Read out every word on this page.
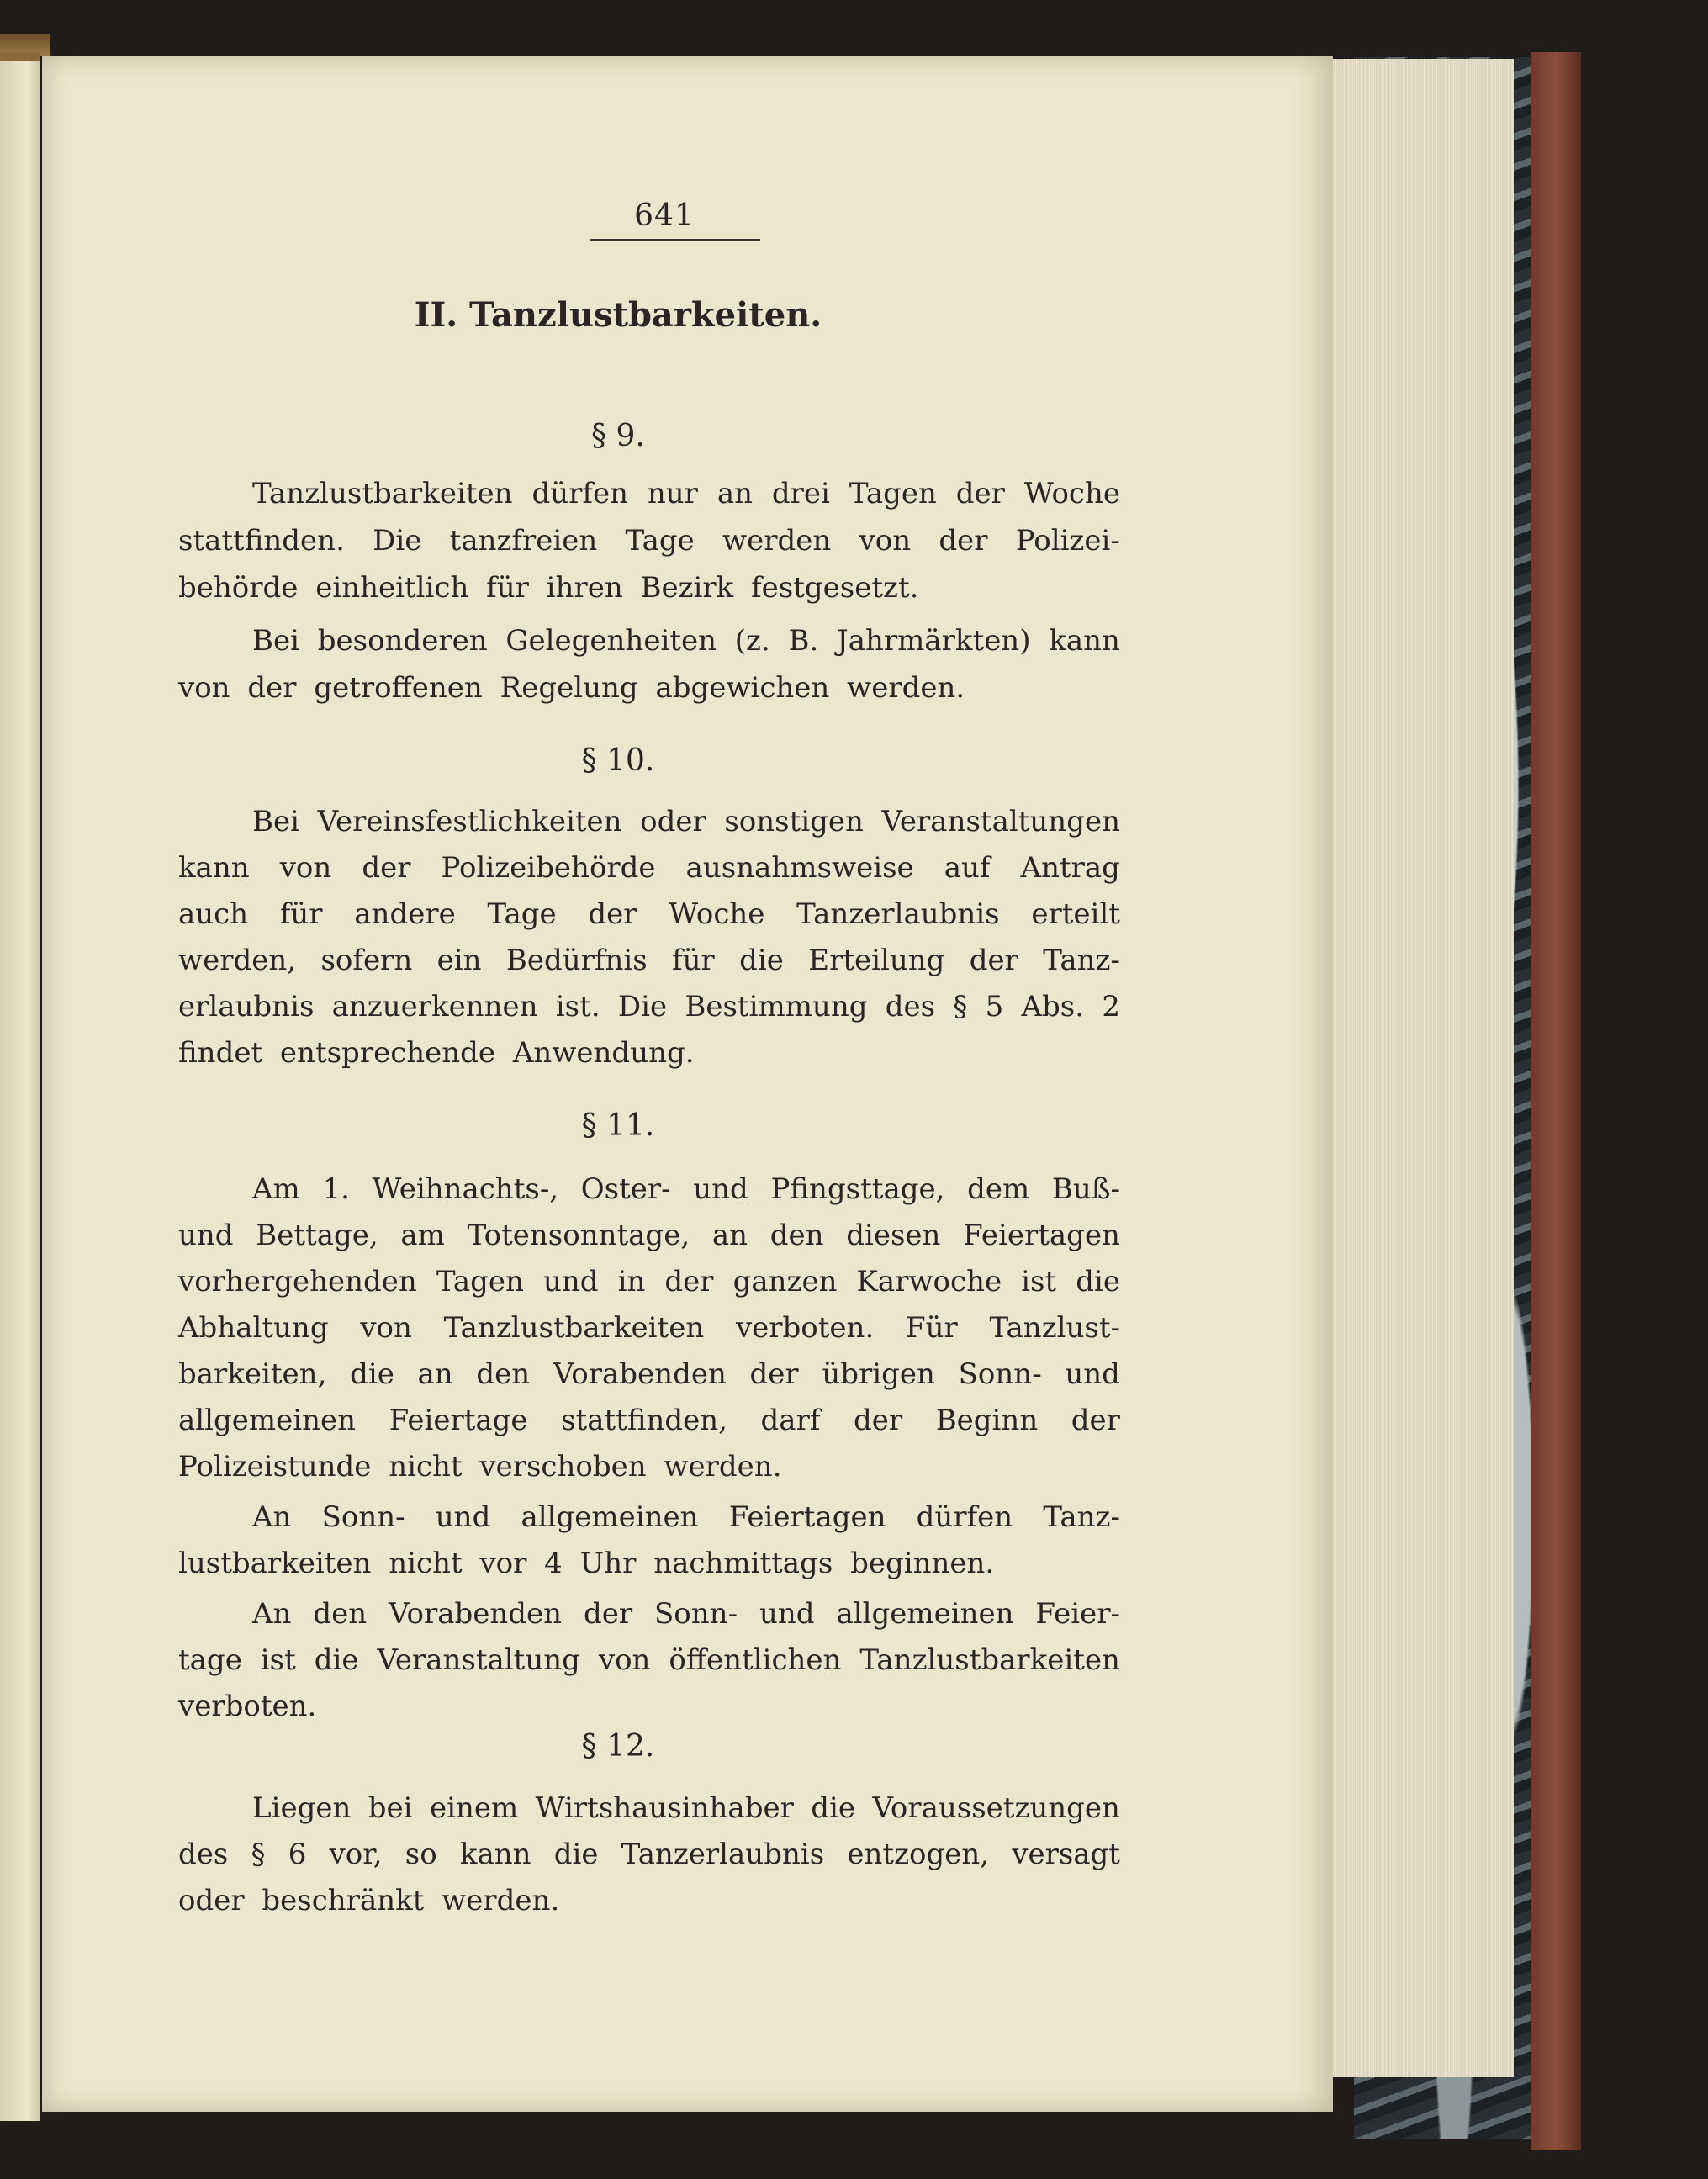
641
II. Tanzlustbarkeiten.
§ 9.
Tanzlustbarkeiten dürfen nur an drei Tagen der Woche
stattfinden. Die tanzfreien Tage werden von der Polizei-
behörde einheitlich für ihren Bezirk festgesetzt.
Bei besonderen Gelegenheiten (z. B. Jahrmärkten) kann
von der getroffenen Regelung abgewichen werden.
§ 10.
Bei Vereinsfestlichkeiten oder sonstigen Veranstaltungen
kann von der Polizeibehörde ausnahmsweise auf Antrag
auch für andere Tage der Woche Tanzerlaubnis erteilt
werden, sofern ein Bedürfnis für die Erteilung der Tanz-
erlaubnis anzuerkennen ist. Die Bestimmung des § 5 Abs. 2
findet entsprechende Anwendung.
§ 11.
Am 1. Weihnachts-, Oster- und Pfingsttage, dem Buß-
und Bettage, am Totensonntage, an den diesen Feiertagen
vorhergehenden Tagen und in der ganzen Karwoche ist die
Abhaltung von Tanzlustbarkeiten verboten. Für Tanzlust-
barkeiten, die an den Vorabenden der übrigen Sonn- und
allgemeinen Feiertage stattfinden, darf der Beginn der
Polizeistunde nicht verschoben werden.
An Sonn- und allgemeinen Feiertagen dürfen Tanz-
lustbarkeiten nicht vor 4 Uhr nachmittags beginnen.
An den Vorabenden der Sonn- und allgemeinen Feier-
tage ist die Veranstaltung von öffentlichen Tanzlustbarkeiten
verboten.
§ 12.
Liegen bei einem Wirtshausinhaber die Voraussetzungen
des § 6 vor, so kann die Tanzerlaubnis entzogen, versagt
oder beschränkt werden.
